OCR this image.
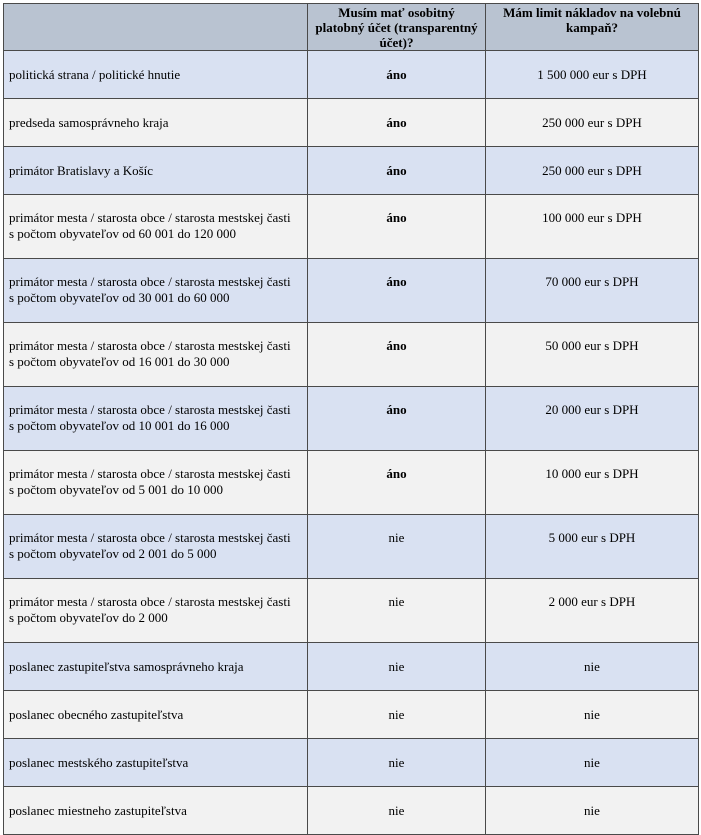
	Musím mať osobitný platobný účet (transparentný účet)?	Mám limit nákladov na volebnú kampaň?
politická strana / politické hnutie	áno	1 500 000 eur s DPH
predseda samosprávneho kraja	áno	250 000 eur s DPH
primátor Bratislavy a Košíc	áno	250 000 eur s DPH
primátor mesta / starosta obce / starosta mestskej časti
s počtom obyvateľov od 60 001 do 120 000	áno	100 000 eur s DPH
primátor mesta / starosta obce / starosta mestskej časti
s počtom obyvateľov od 30 001 do 60 000	áno	70 000 eur s DPH
primátor mesta / starosta obce / starosta mestskej časti
s počtom obyvateľov od 16 001 do 30 000	áno	50 000 eur s DPH
primátor mesta / starosta obce / starosta mestskej časti
s počtom obyvateľov od 10 001 do 16 000	áno	20 000 eur s DPH
primátor mesta / starosta obce / starosta mestskej časti
s počtom obyvateľov od 5 001 do 10 000	áno	10 000 eur s DPH
primátor mesta / starosta obce / starosta mestskej časti
s počtom obyvateľov od 2 001 do 5 000	nie	5 000 eur s DPH
primátor mesta / starosta obce / starosta mestskej časti
s počtom obyvateľov do 2 000	nie	2 000 eur s DPH
poslanec zastupiteľstva samosprávneho kraja	nie	nie
poslanec obecného zastupiteľstva	nie	nie
poslanec mestského zastupiteľstva	nie	nie
poslanec miestneho zastupiteľstva	nie	nie
